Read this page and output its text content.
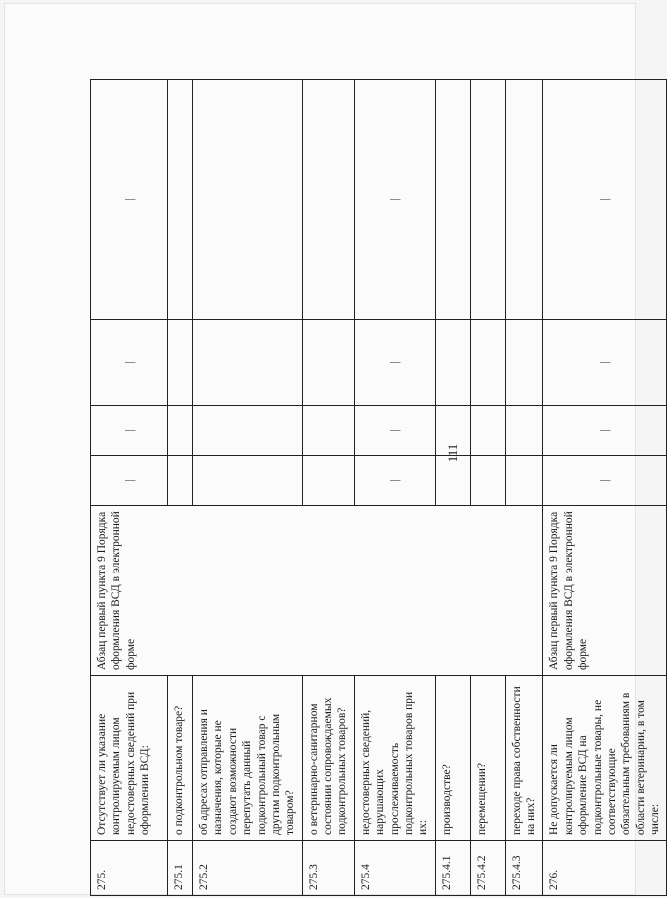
111
275.	Отсутствует ли указание контролируемым лицом недостоверных сведений при оформлении ВСД:	Абзац первый пункта 9 Порядка оформления ВСД в электронной форме	|	|	|	|
275.1	о подконтрольном товаре?					
275.2	об адресах отправления и назначения, которые не создают возможности перепутать данный подконтрольный товар с другим подконтрольным товаром?					
275.3	о ветеринарно-санитарном состоянии сопровождаемых подконтрольных товаров?					
275.4	недостоверных сведений, нарушающих прослеживаемость подконтрольных товаров при их:		|	|	|	|
275.4.1	производстве?					
275.4.2	перемещении?					
275.4.3	переходе права собственности на них?					
276.	Не допускается ли контролируемым лицом оформление ВСД на подконтрольные товары, не соответствующие обязательным требованиям в области ветеринарии, в том числе:	Абзац первый пункта 9 Порядка оформления ВСД в электронной форме	|	|	|	|
